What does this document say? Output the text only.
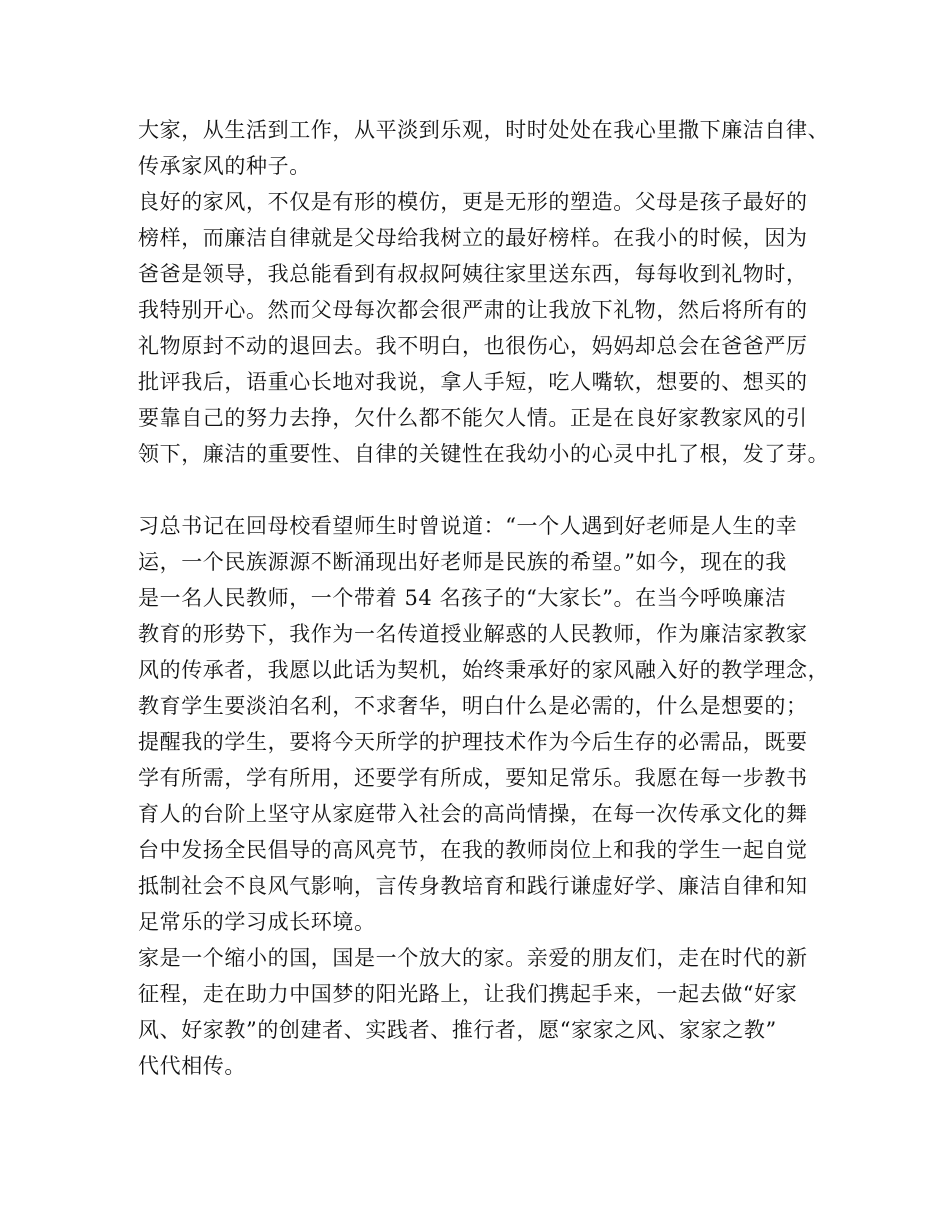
大家，从生活到工作，从平淡到乐观，时时处处在我心里撒下廉洁自律、
传承家风的种子。
良好的家风，不仅是有形的模仿，更是无形的塑造。父母是孩子最好的
榜样，而廉洁自律就是父母给我树立的最好榜样。在我小的时候，因为
爸爸是领导，我总能看到有叔叔阿姨往家里送东西，每每收到礼物时，
我特别开心。然而父母每次都会很严肃的让我放下礼物，然后将所有的
礼物原封不动的退回去。我不明白，也很伤心，妈妈却总会在爸爸严厉
批评我后，语重心长地对我说，拿人手短，吃人嘴软，想要的、想买的
要靠自己的努力去挣，欠什么都不能欠人情。正是在良好家教家风的引
领下，廉洁的重要性、自律的关键性在我幼小的心灵中扎了根，发了芽。
习总书记在回母校看望师生时曾说道：“一个人遇到好老师是人生的幸
运，一个民族源源不断涌现出好老师是民族的希望。”如今，现在的我
是一名人民教师，一个带着 54 名孩子的“大家长”。在当今呼唤廉洁
教育的形势下，我作为一名传道授业解惑的人民教师，作为廉洁家教家
风的传承者，我愿以此话为契机，始终秉承好的家风融入好的教学理念，
教育学生要淡泊名利，不求奢华，明白什么是必需的，什么是想要的；
提醒我的学生，要将今天所学的护理技术作为今后生存的必需品，既要
学有所需，学有所用，还要学有所成，要知足常乐。我愿在每一步教书
育人的台阶上坚守从家庭带入社会的高尚情操，在每一次传承文化的舞
台中发扬全民倡导的高风亮节，在我的教师岗位上和我的学生一起自觉
抵制社会不良风气影响，言传身教培育和践行谦虚好学、廉洁自律和知
足常乐的学习成长环境。
家是一个缩小的国，国是一个放大的家。亲爱的朋友们，走在时代的新
征程，走在助力中国梦的阳光路上，让我们携起手来，一起去做“好家
风、好家教”的创建者、实践者、推行者，愿“家家之风、家家之教”
代代相传。
